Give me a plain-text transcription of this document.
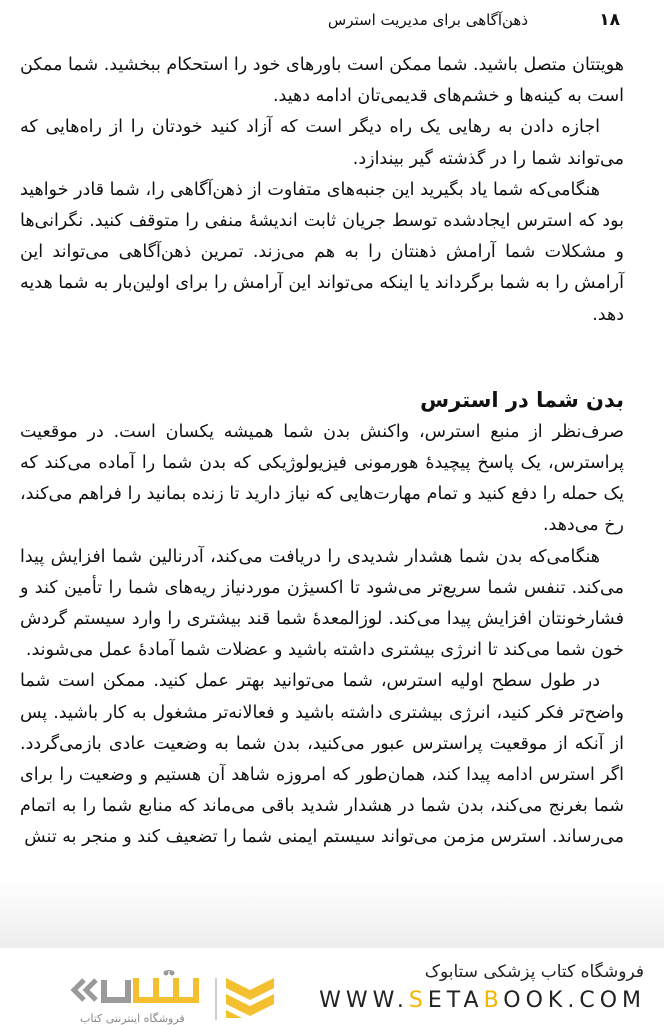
۱۸
ذهن‌آگاهی برای مدیریت استرس

هویتتان متصل باشید. شما ممکن است باورهای خود را استحکام ببخشید. شما ممکن است به کینه‌ها و خشم‌های قدیمی‌تان ادامه دهید.

اجازه دادن به رهایی یک راه دیگر است که آزاد کنید خودتان را از راه‌هایی که می‌تواند شما را در گذشته گیر بیندازد.

هنگامی‌که شما یاد بگیرید این جنبه‌های متفاوت از ذهن‌آگاهی را، شما قادر خواهید بود که استرس ایجادشده توسط جریان ثابت اندیشهٔ منفی را متوقف کنید. نگرانی‌ها و مشکلات شما آرامش ذهنتان را به هم می‌زند. تمرین ذهن‌آگاهی می‌تواند این آرامش را به شما برگرداند یا اینکه می‌تواند این آرامش را برای اولین‌بار به شما هدیه دهد.

بدن شما در استرس

صرف‌نظر از منبع استرس، واکنش بدن شما همیشه یکسان است. در موقعیت پراسترس، یک پاسخ پیچیدهٔ هورمونی فیزیولوژیکی که بدن شما را آماده می‌کند که یک حمله را دفع کنید و تمام مهارت‌هایی که نیاز دارید تا زنده بمانید را فراهم می‌کند، رخ می‌دهد.

هنگامی‌که بدن شما هشدار شدیدی را دریافت می‌کند، آدرنالین شما افزایش پیدا می‌کند. تنفس شما سریع‌تر می‌شود تا اکسیژن موردنیاز ریه‌های شما را تأمین کند و فشارخونتان افزایش پیدا می‌کند. لوزالمعدهٔ شما قند بیشتری را وارد سیستم گردش خون شما می‌کند تا انرژی بیشتری داشته باشید و عضلات شما آمادهٔ عمل می‌شوند.

در طول سطح اولیه استرس، شما می‌توانید بهتر عمل کنید. ممکن است شما واضح‌تر فکر کنید، انرژی بیشتری داشته باشید و فعالانه‌تر مشغول به کار باشید. پس از آنکه از موقعیت پراسترس عبور می‌کنید، بدن شما به وضعیت عادی بازمی‌گردد. اگر استرس ادامه پیدا کند، همان‌طور که امروزه شاهد آن هستیم و وضعیت را برای شما بغرنج می‌کند، بدن شما در هشدار شدید باقی می‌ماند که منابع شما را به اتمام می‌رساند. استرس مزمن می‌تواند سیستم ایمنی شما را تضعیف کند و منجر به تنش

فروشگاه اینترنتی کتاب
فروشگاه کتاب پزشکی ستابوک
WWW.SETABOOK.COM
